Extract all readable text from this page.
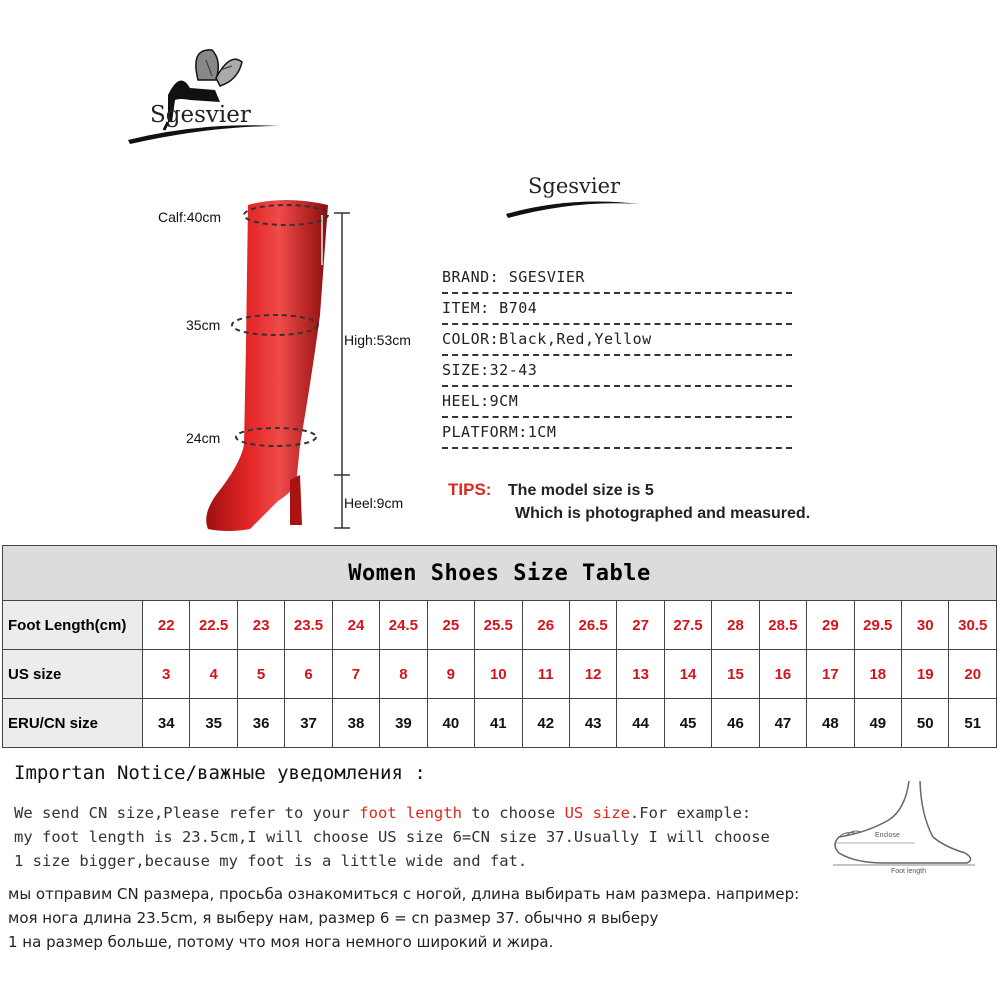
Sgesvier
Sgesvier
Calf:40cm
35cm
24cm
High:53cm
Heel:9cm
BRAND: SGESVIER
ITEM: B704
COLOR:Black,Red,Yellow
SIZE:32-43
HEEL:9CM
PLATFORM:1CM
TIPS: The model size is 5
Which is photographed and measured.
Women Shoes Size Table																		
Foot Length(cm)	22	22.5	23	23.5	24	24.5	25	25.5	26	26.5	27	27.5	28	28.5	29	29.5	30	30.5
US size	3	4	5	6	7	8	9	10	11	12	13	14	15	16	17	18	19	20
ERU/CN size	34	35	36	37	38	39	40	41	42	43	44	45	46	47	48	49	50	51
Importan Notice/важные уведомления :
We send CN size,Please refer to your foot length to choose US size.For example:
my foot length is 23.5cm,I will choose US size 6=CN size 37.Usually I will choose
1 size bigger,because my foot is a little wide and fat.
мы отправим CN размера, просьба ознакомиться с ногой, длина выбирать нам размера. например:
моя нога длина 23.5cm, я выберу нам, размер 6 = cn размер 37. обычно я выберу
1 на размер больше, потому что моя нога немного широкий и жира.
Enclose
Foot length
